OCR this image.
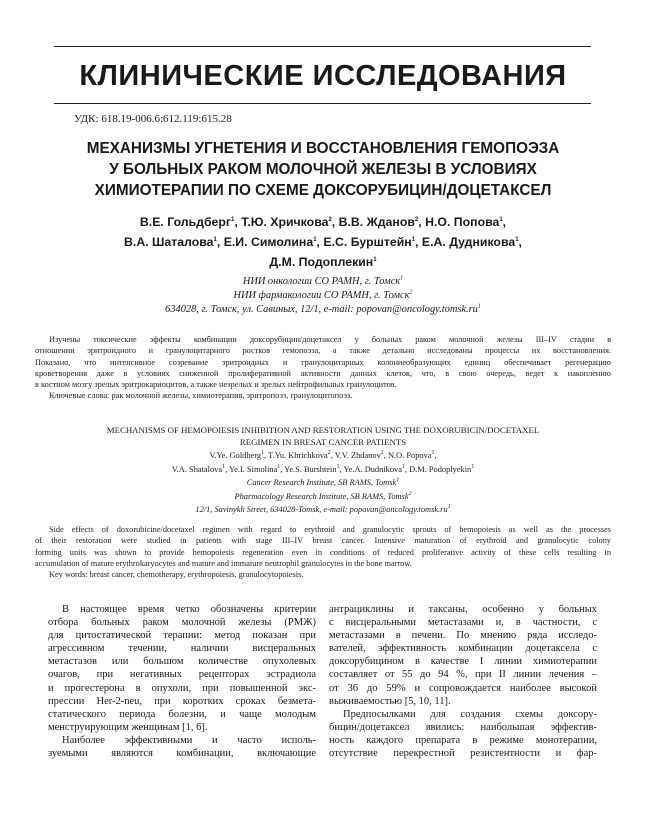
КЛИНИЧЕСКИЕ ИССЛЕДОВАНИЯ
УДК: 618.19-006.6:612.119:615.28
МЕХАНИЗМЫ УГНЕТЕНИЯ И ВОССТАНОВЛЕНИЯ ГЕМОПОЭЗА
У БОЛЬНЫХ РАКОМ МОЛОЧНОЙ ЖЕЛЕЗЫ В УСЛОВИЯХ
ХИМИОТЕРАПИИ ПО СХЕМЕ ДОКСОРУБИЦИН/ДОЦЕТАКСЕЛ
В.Е. Гольдберг$^1$, Т.Ю. Хричкова$^2$, В.В. Жданов$^2$, Н.О. Попова$^1$,
В.А. Шаталова$^1$, Е.И. Симолина$^1$, Е.С. Бурштейн$^1$, Е.А. Дудникова$^1$,
Д.М. Подоплекин$^1$
НИИ онкологии СО РАМН, г. Томск$^1$
НИИ фармакологии СО РАМН, г. Томск$^2$
634028, г. Томск, ул. Савиных, 12/1, e-mail: $popovan@oncology.tomsk.ru^1$
Изучены токсические эффекты комбинации доксорубицин/доцетаксел у больных раком молочной железы III–IV стадии в
отношении эритроидного и гранулоцитарного ростков гемопоэза, а также детально исследованы процессы их восстановления.
Показано, что интенсивное созревание эритроидных и гранулоцитарных колониеобразующих единиц обеспечивает регенерацию
кроветворения даже в условиях сниженной пролиферативной активности данных клеток, что, в свою очередь, ведет к накоплению
в костном мозгу зрелых эритрокариоцитов, а также незрелых и зрелых нейтрофильных гранулоцитов.
Ключевые слова: рак молочной железы, химиотерапия, эритропоэз, гранулоцитопоэз.
MECHANISMS OF HEMOPOIESIS INHIBITION AND RESTORATION USING THE DOXORUBICIN/DOCETAXEL
REGIMEN IN BRESAT CANCER PATIENTS
V.Ye. Goldberg$^1$, T.Yu. Khrichkova$^2$, V.V. Zhdanov$^2$, N.O. Popova$^1$,
V.A. Shatalova$^1$, Ye.I. Simolina$^1$, Ye.S. Burshtein$^1$, Ye.A. Dudnikova$^1$, D.M. Podoplyekin$^1$
Cancer Research Institute, SB RAMS, Tomsk$^1$
Pharmacology Research Institute, SB RAMS, Tomsk$^2$
12/1, Savinykh Street, 634028-Tomsk, e-mail: $popovan@oncology.tomsk.ru^1$
Side effects of doxorubicine/docetaxel regimen with regard to erythroid and granulocytic sprouts of hemopoiesis as well as the processes
of their restoration were studied in patients with stage III–IV breast cancer. Intensive maturation of erythroid and granulocytic colony
forming units was shown to provide hemopoiesis regeneration even in conditions of reduced proliferative activity of these cells resulting in
accumulation of mature erythrokaryocytes and mature and immature neutrophil granulocytes in the bone marrow.
Key words: breast cancer, chemotherapy, erythropoiesis, granulocytopoiesis.
В настоящее время четко обозначены критерии
отбора больных раком молочной железы (РМЖ)
для цитостатической терапии: метод показан при
агрессивном течении, наличии висцеральных
метастазов или большом количестве опухолевых
очагов, при негативных рецепторах эстрадиола
и прогестерона в опухоли, при повышенной экс-
прессии Her-2-neu, при коротких сроках безмета-
статического периода болезни, и чаще молодым
менструирующим женщинам [1, 6].
Наиболее эффективными и часто исполь-
зуемыми являются комбинации, включающие
антрациклины и таксаны, особенно у больных
с висцеральными метастазами и, в частности, с
метастазами в печени. По мнению ряда исследо-
вателей, эффективность комбинации доцетаксела с
доксорубицином в качестве I линии химиотерапии
составляет от 55 до 94 %, при II линии лечения –
от 36 до 59% и сопровождается наиболее высокой
выживаемостью [5, 10, 11].
Предпосылками для создания схемы доксору-
бицин/доцетаксел явились: наибольшая эффектив-
ность каждого препарата в режиме монотерапии,
отсутствие перекрестной резистентности и фар-
